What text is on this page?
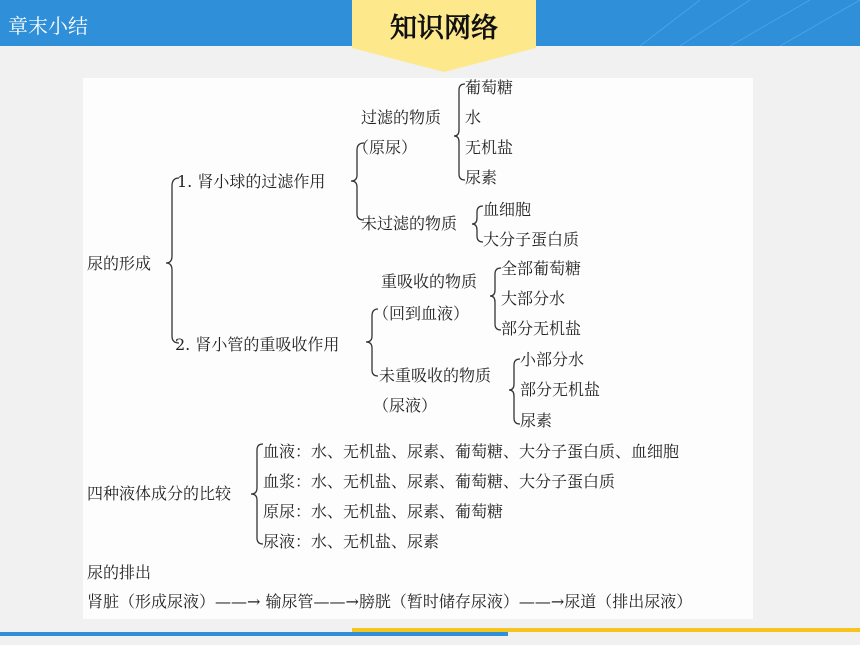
章末小结	知识网络
尿的形成
1. 肾小球的过滤作用
过滤的物质
（原尿）
葡萄糖
水
无机盐
尿素
未过滤的物质
血细胞
大分子蛋白质
2. 肾小管的重吸收作用
重吸收的物质
（回到血液）
全部葡萄糖
大部分水
部分无机盐
未重吸收的物质
（尿液）
小部分水
部分无机盐
尿素
四种液体成分的比较
血液：水、无机盐、尿素、葡萄糖、大分子蛋白质、血细胞
血浆：水、无机盐、尿素、葡萄糖、大分子蛋白质
原尿：水、无机盐、尿素、葡萄糖
尿液：水、无机盐、尿素
尿的排出
肾脏（形成尿液）——→ 输尿管——→膀胱（暂时储存尿液）——→尿道（排出尿液）
